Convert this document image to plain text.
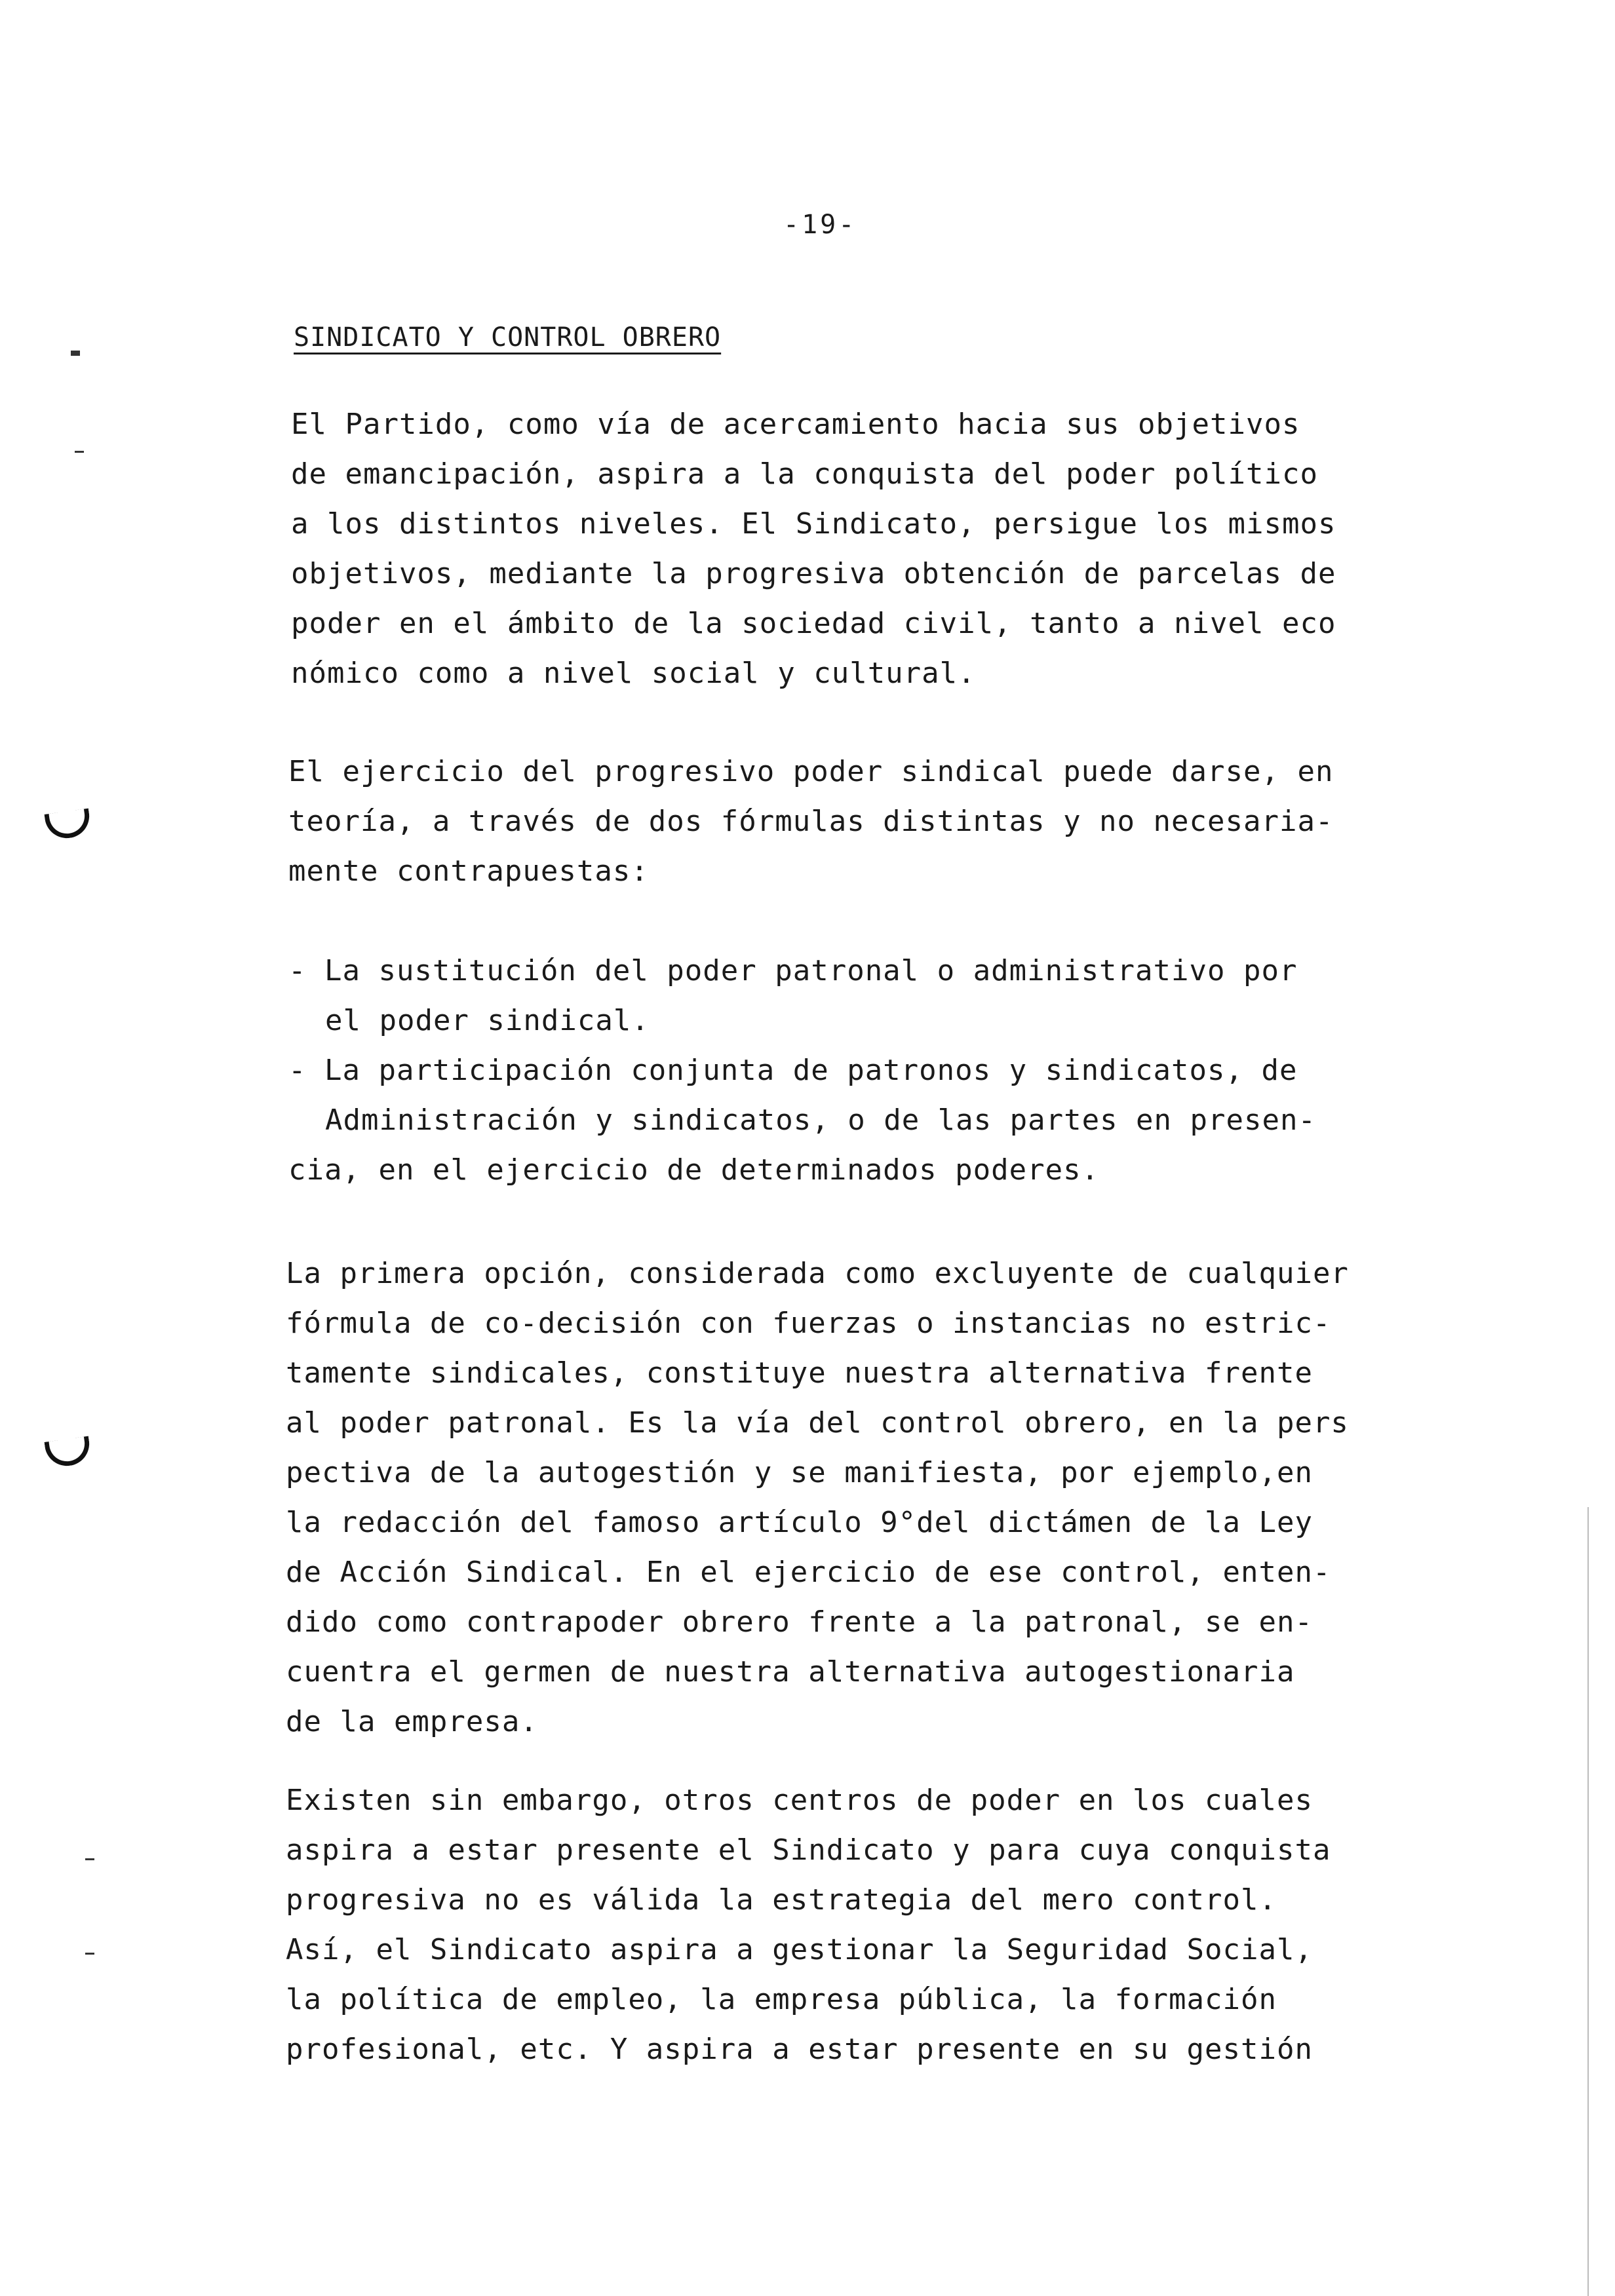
-19-
SINDICATO Y CONTROL OBRERO
El Partido, como vía de acercamiento hacia sus objetivos
de emancipación, aspira a la conquista del poder político
a los distintos niveles. El Sindicato, persigue los mismos
objetivos, mediante la progresiva obtención de parcelas de
poder en el ámbito de la sociedad civil, tanto a nivel eco
nómico como a nivel social y cultural.
El ejercicio del progresivo poder sindical puede darse, en
teoría, a través de dos fórmulas distintas y no necesaria-
mente contrapuestas:
- La sustitución del poder patronal o administrativo por
el poder sindical.
- La participación conjunta de patronos y sindicatos, de
Administración y sindicatos, o de las partes en presen-
cia, en el ejercicio de determinados poderes.
La primera opción, considerada como excluyente de cualquier
fórmula de co-decisión con fuerzas o instancias no estric-
tamente sindicales, constituye nuestra alternativa frente
al poder patronal. Es la vía del control obrero, en la pers
pectiva de la autogestión y se manifiesta, por ejemplo,en
la redacción del famoso artículo 9°del dictámen de la Ley
de Acción Sindical. En el ejercicio de ese control, enten-
dido como contrapoder obrero frente a la patronal, se en-
cuentra el germen de nuestra alternativa autogestionaria
de la empresa.
Existen sin embargo, otros centros de poder en los cuales
aspira a estar presente el Sindicato y para cuya conquista
progresiva no es válida la estrategia del mero control.
Así, el Sindicato aspira a gestionar la Seguridad Social,
la política de empleo, la empresa pública, la formación
profesional, etc. Y aspira a estar presente en su gestión
